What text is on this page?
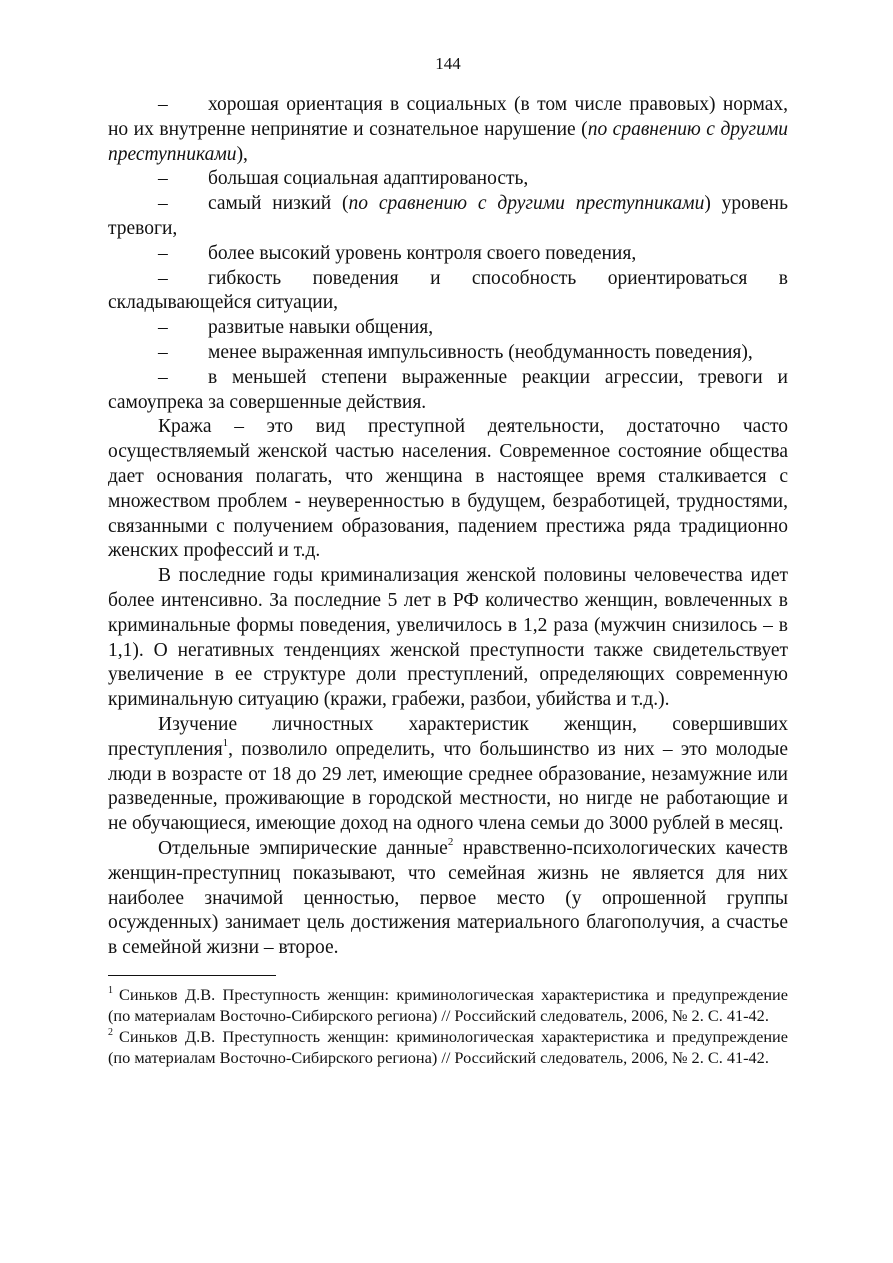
144

– хорошая ориентация в социальных (в том числе правовых) нормах, но их внутренне непринятие и сознательное нарушение (по сравнению с другими преступниками),

– большая социальная адаптированость,

– самый низкий (по сравнению с другими преступниками) уровень тревоги,

– более высокий уровень контроля своего поведения,

– гибкость поведения и способность ориентироваться в складывающейся ситуации,

– развитые навыки общения,

– менее выраженная импульсивность (необдуманность поведения),

– в меньшей степени выраженные реакции агрессии, тревоги и самоупрека за совершенные действия.

Кража – это вид преступной деятельности, достаточно часто осуществляемый женской частью населения. Современное состояние общества дает основания полагать, что женщина в настоящее время сталкивается с множеством проблем - неуверенностью в будущем, безработицей, трудностями, связанными с получением образования, падением престижа ряда традиционно женских профессий и т.д.

В последние годы криминализация женской половины человечества идет более интенсивно. За последние 5 лет в РФ количество женщин, вовлеченных в криминальные формы поведения, увеличилось в 1,2 раза (мужчин снизилось – в 1,1). О негативных тенденциях женской преступности также свидетельствует увеличение в ее структуре доли преступлений, определяющих современную криминальную ситуацию (кражи, грабежи, разбои, убийства и т.д.).

Изучение личностных характеристик женщин, совершивших преступления$^1$, позволило определить, что большинство из них – это молодые люди в возрасте от 18 до 29 лет, имеющие среднее образование, незамужние или разведенные, проживающие в городской местности, но нигде не работающие и не обучающиеся, имеющие доход на одного члена семьи до 3000 рублей в месяц.

Отдельные эмпирические данные$^2$ нравственно-психологических качеств женщин-преступниц показывают, что семейная жизнь не является для них наиболее значимой ценностью, первое место (у опрошенной группы осужденных) занимает цель достижения материального благополучия, а счастье в семейной жизни – второе.

$^1$ Синьков Д.В. Преступность женщин: криминологическая характеристика и предупреждение (по материалам Восточно-Сибирского региона) // Российский следователь, 2006, № 2. С. 41-42.

$^2$ Синьков Д.В. Преступность женщин: криминологическая характеристика и предупреждение (по материалам Восточно-Сибирского региона) // Российский следователь, 2006, № 2. С. 41-42.
